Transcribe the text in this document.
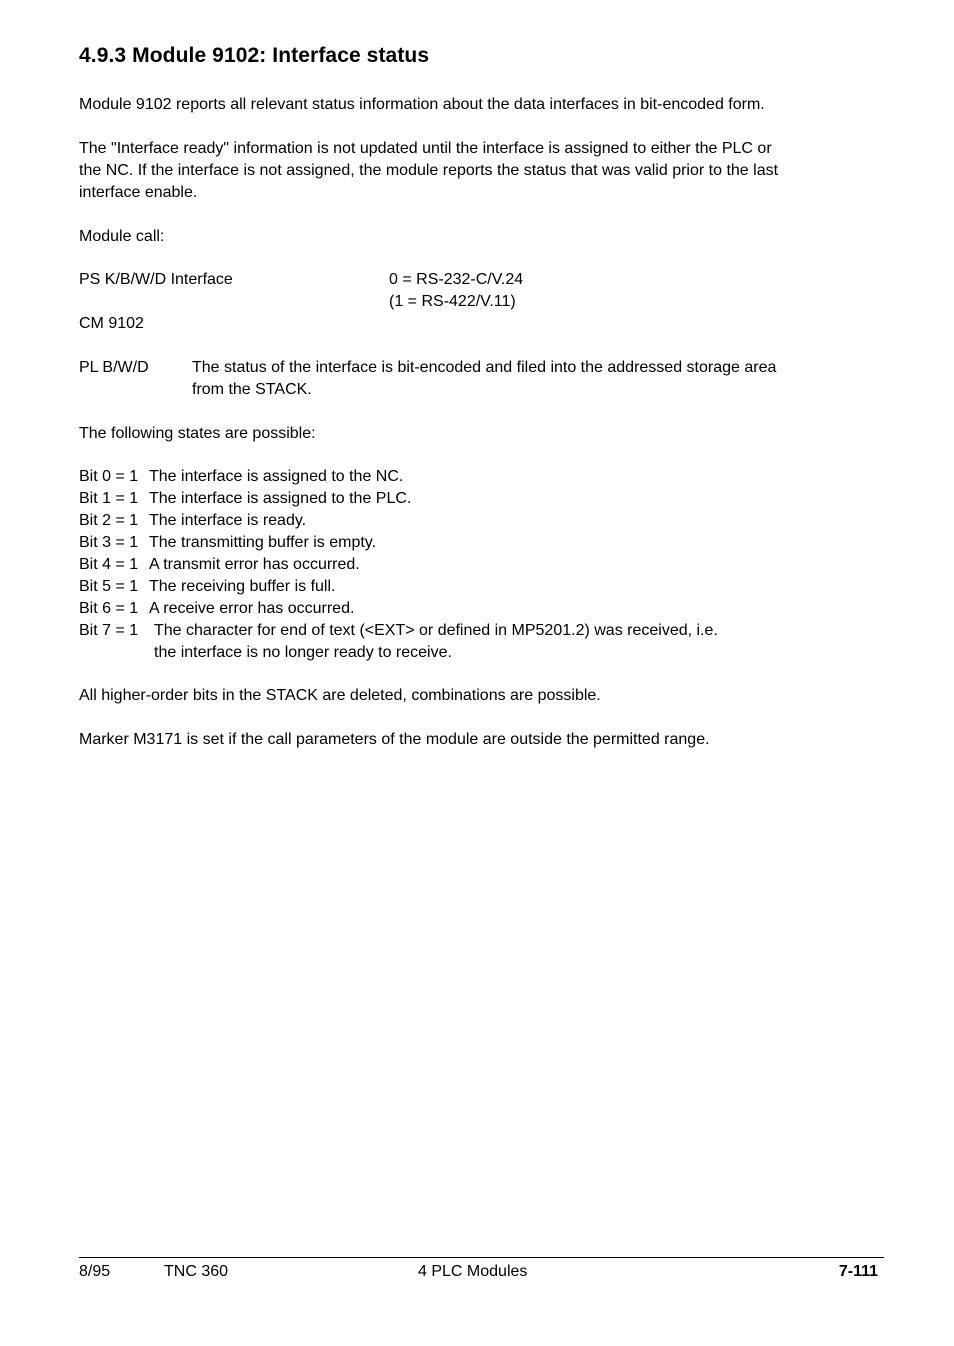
4.9.3 Module 9102: Interface status
Module 9102 reports all relevant status information about the data interfaces in bit-encoded form.
The "Interface ready" information is not updated until the interface is assigned to either the PLC or
the NC. If the interface is not assigned, the module reports the status that was valid prior to the last
interface enable.
Module call:
PS K/B/W/D Interface	0 = RS-232-C/V.24
(1 = RS-422/V.11)
CM 9102
PL B/W/D	The status of the interface is bit-encoded and filed into the addressed storage area
from the STACK.
The following states are possible:
Bit 0 = 1 The interface is assigned to the NC.
Bit 1 = 1 The interface is assigned to the PLC.
Bit 2 = 1 The interface is ready.
Bit 3 = 1 The transmitting buffer is empty.
Bit 4 = 1 A transmit error has occurred.
Bit 5 = 1 The receiving buffer is full.
Bit 6 = 1 A receive error has occurred.
Bit 7 = 1 The character for end of text (<EXT> or defined in MP5201.2) was received, i.e.
the interface is no longer ready to receive.
All higher-order bits in the STACK are deleted, combinations are possible.
Marker M3171 is set if the call parameters of the module are outside the permitted range.
8/95	TNC 360	4 PLC Modules	7-111
